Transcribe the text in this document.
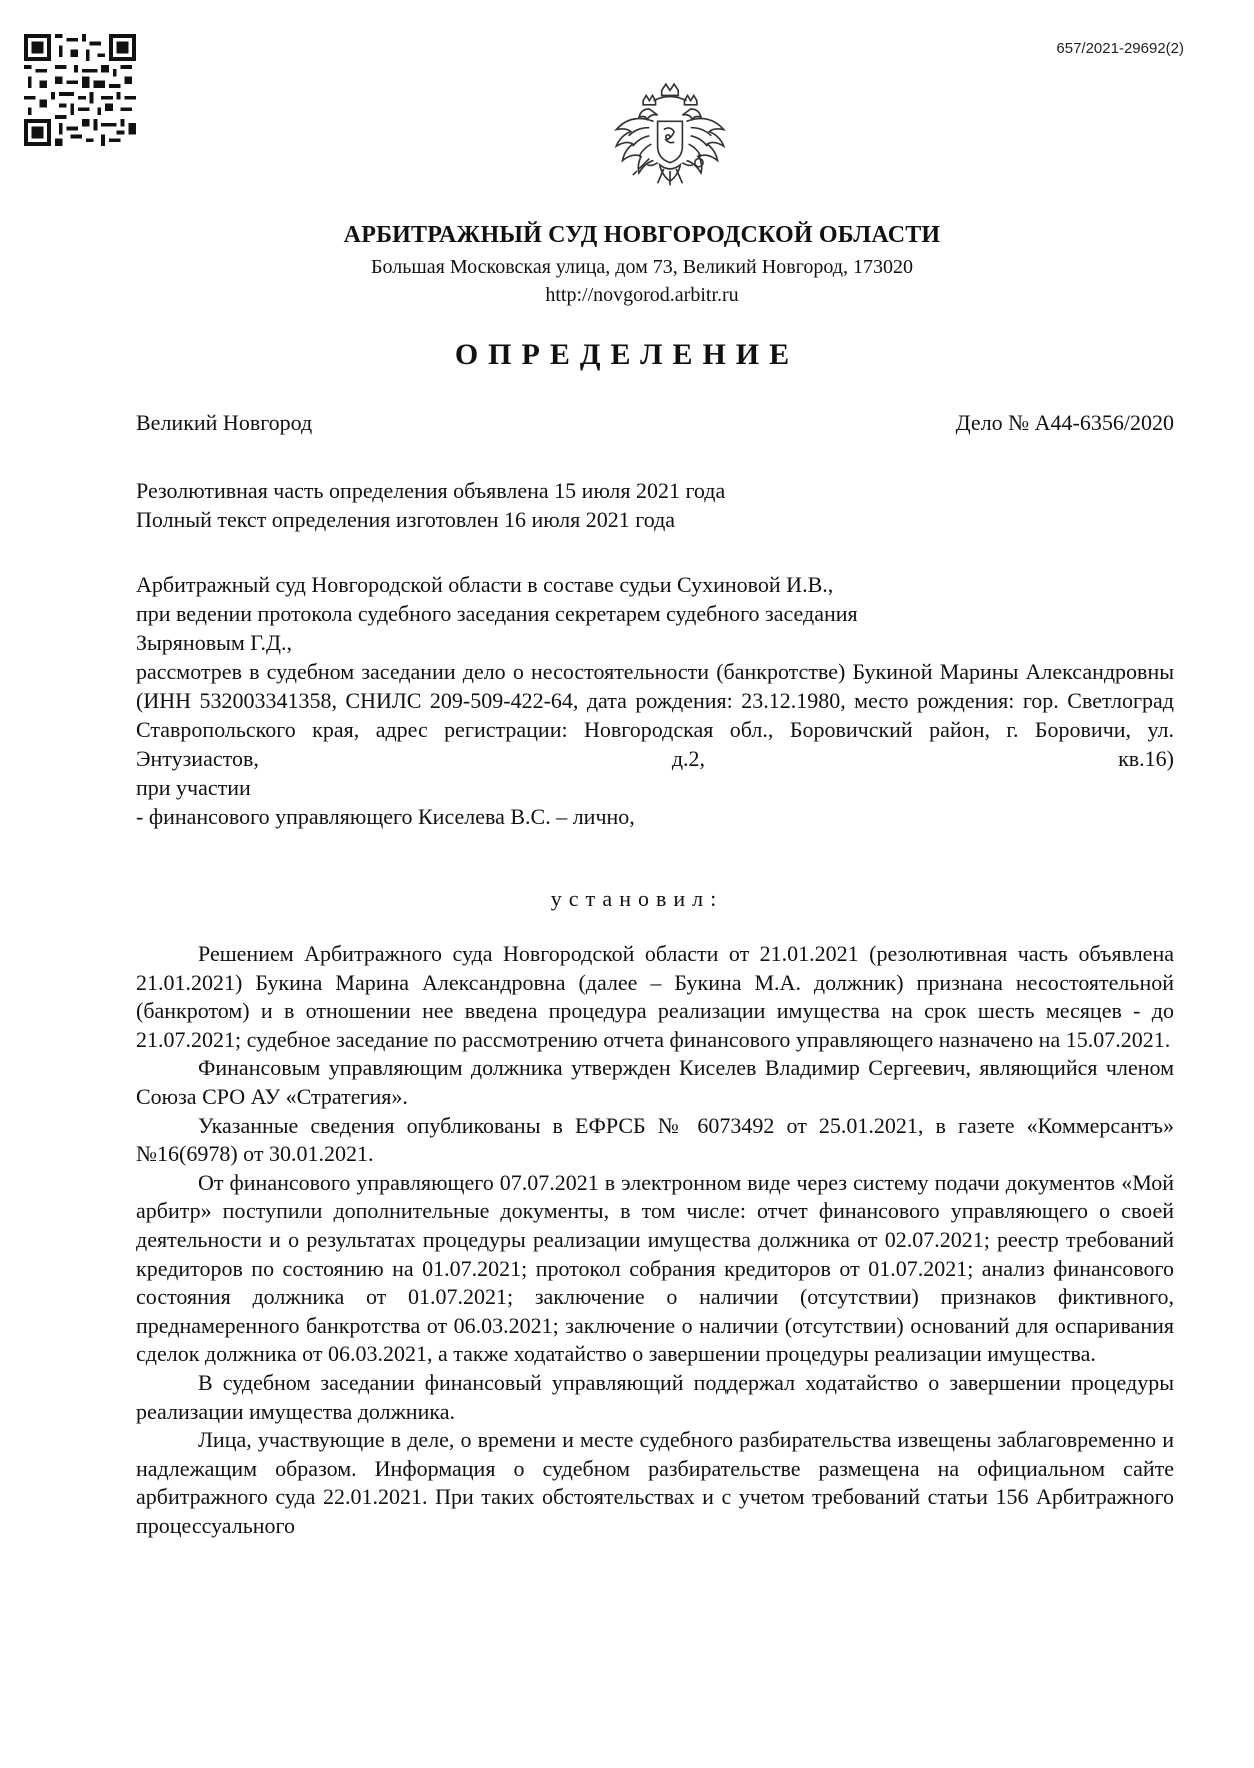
657/2021-29692(2)
АРБИТРАЖНЫЙ СУД НОВГОРОДСКОЙ ОБЛАСТИ
Большая Московская улица, дом 73, Великий Новгород, 173020
http://novgorod.arbitr.ru
ОПРЕДЕЛЕНИЕ
Великий Новгород	Дело № А44-6356/2020

Резолютивная часть определения объявлена 15 июля 2021 года

Полный текст определения изготовлен 16 июля 2021 года

Арбитражный суд Новгородской области в составе судьи Сухиновой И.В.,

при ведении протокола судебного заседания секретарем судебного заседания

Зыряновым Г.Д.,

рассмотрев в судебном заседании дело о несостоятельности (банкротстве) Букиной Марины Александровны (ИНН 532003341358, СНИЛС 209-509-422-64, дата рождения: 23.12.1980, место рождения: гор. Светлоград Ставропольского края, адрес регистрации: Новгородская обл., Боровичский район, г. Боровичи, ул. Энтузиастов, д.2, кв.16)

при участии

- финансового управляющего Киселева В.С. – лично,

установил:

Решением Арбитражного суда Новгородской области от 21.01.2021 (резолютивная часть объявлена 21.01.2021) Букина Марина Александровна (далее – Букина М.А. должник) признана несостоятельной (банкротом) и в отношении нее введена процедура реализации имущества на срок шесть месяцев - до 21.07.2021; судебное заседание по рассмотрению отчета финансового управляющего назначено на 15.07.2021.

Финансовым управляющим должника утвержден Киселев Владимир Сергеевич, являющийся членом Союза СРО АУ «Стратегия».

Указанные сведения опубликованы в ЕФРСБ № 6073492 от 25.01.2021, в газете «Коммерсантъ» №16(6978) от 30.01.2021.

От финансового управляющего 07.07.2021 в электронном виде через систему подачи документов «Мой арбитр» поступили дополнительные документы, в том числе: отчет финансового управляющего о своей деятельности и о результатах процедуры реализации имущества должника от 02.07.2021; реестр требований кредиторов по состоянию на 01.07.2021; протокол собрания кредиторов от 01.07.2021; анализ финансового состояния должника от 01.07.2021; заключение о наличии (отсутствии) признаков фиктивного, преднамеренного банкротства от 06.03.2021; заключение о наличии (отсутствии) оснований для оспаривания сделок должника от 06.03.2021, а также ходатайство о завершении процедуры реализации имущества.

В судебном заседании финансовый управляющий поддержал ходатайство о завершении процедуры реализации имущества должника.

Лица, участвующие в деле, о времени и месте судебного разбирательства извещены заблаговременно и надлежащим образом. Информация о судебном разбирательстве размещена на официальном сайте арбитражного суда 22.01.2021. При таких обстоятельствах и с учетом требований статьи 156 Арбитражного процессуального
